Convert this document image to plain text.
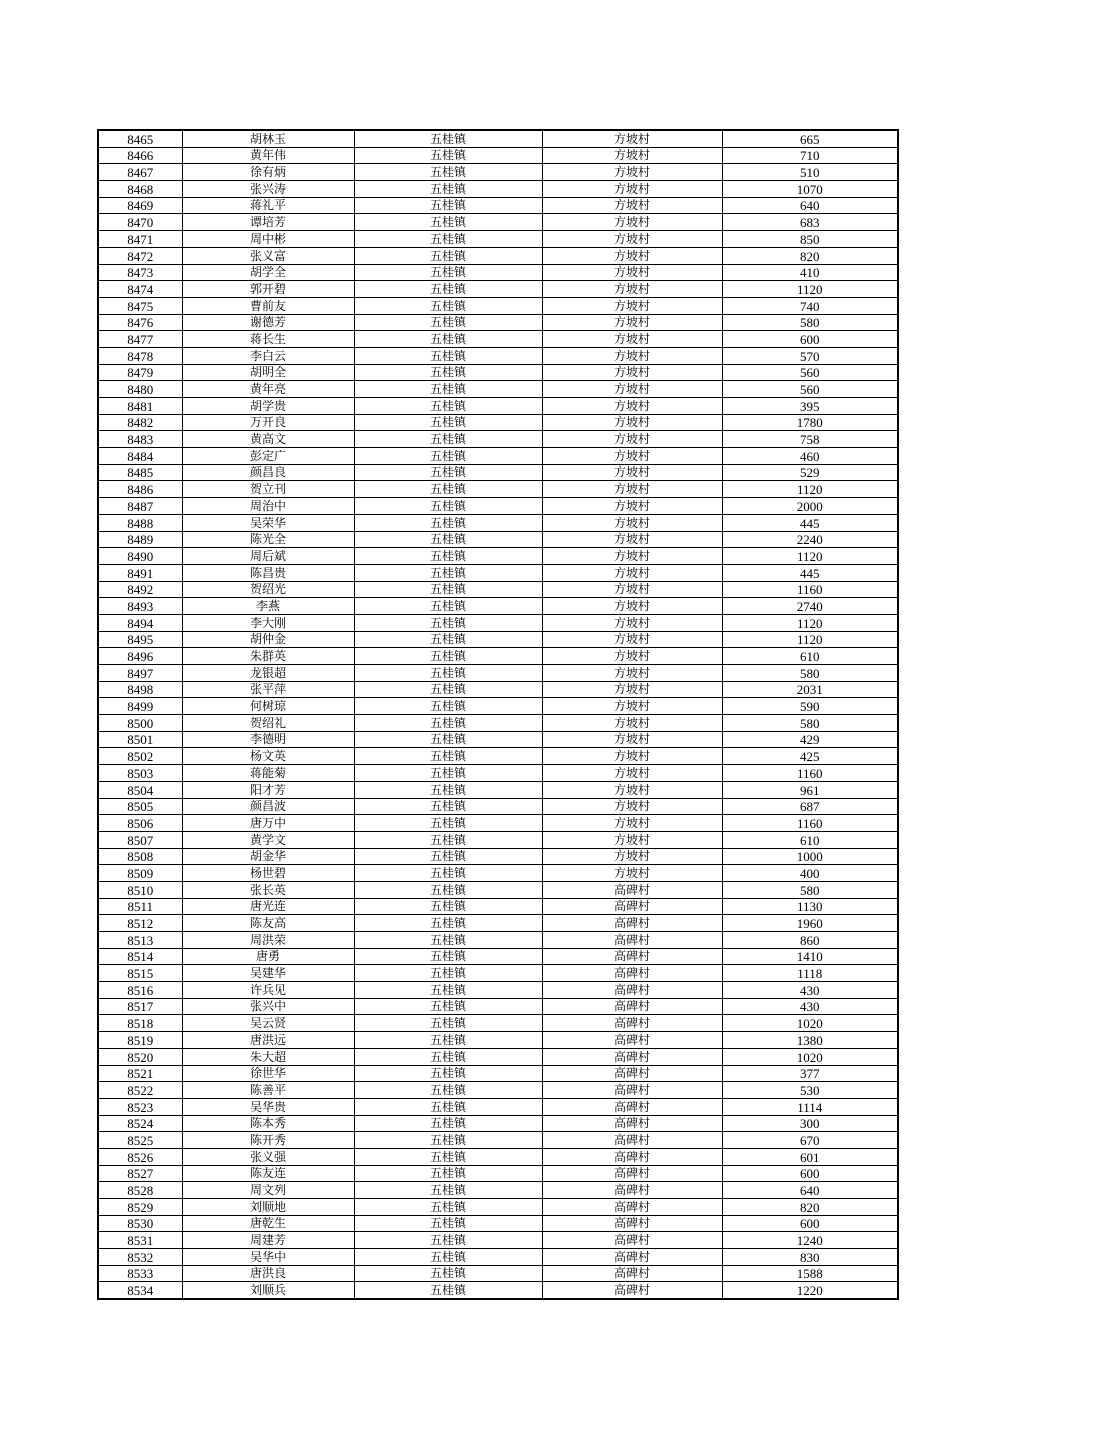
8465	胡林玉	五桂镇	方坡村	665
8466	黄年伟	五桂镇	方坡村	710
8467	徐有炳	五桂镇	方坡村	510
8468	张兴涛	五桂镇	方坡村	1070
8469	蒋礼平	五桂镇	方坡村	640
8470	谭培芳	五桂镇	方坡村	683
8471	周中彬	五桂镇	方坡村	850
8472	张义富	五桂镇	方坡村	820
8473	胡学全	五桂镇	方坡村	410
8474	郭开碧	五桂镇	方坡村	1120
8475	曹前友	五桂镇	方坡村	740
8476	谢德芳	五桂镇	方坡村	580
8477	蒋长生	五桂镇	方坡村	600
8478	李白云	五桂镇	方坡村	570
8479	胡明全	五桂镇	方坡村	560
8480	黄年亮	五桂镇	方坡村	560
8481	胡学贵	五桂镇	方坡村	395
8482	万开良	五桂镇	方坡村	1780
8483	黄高文	五桂镇	方坡村	758
8484	彭定广	五桂镇	方坡村	460
8485	颜昌良	五桂镇	方坡村	529
8486	贺立刊	五桂镇	方坡村	1120
8487	周治中	五桂镇	方坡村	2000
8488	吴荣华	五桂镇	方坡村	445
8489	陈光全	五桂镇	方坡村	2240
8490	周后斌	五桂镇	方坡村	1120
8491	陈昌贵	五桂镇	方坡村	445
8492	贺绍光	五桂镇	方坡村	1160
8493	李燕	五桂镇	方坡村	2740
8494	李大刚	五桂镇	方坡村	1120
8495	胡仲金	五桂镇	方坡村	1120
8496	朱群英	五桂镇	方坡村	610
8497	龙银超	五桂镇	方坡村	580
8498	张平萍	五桂镇	方坡村	2031
8499	何树琼	五桂镇	方坡村	590
8500	贺绍礼	五桂镇	方坡村	580
8501	李德明	五桂镇	方坡村	429
8502	杨文英	五桂镇	方坡村	425
8503	蒋能菊	五桂镇	方坡村	1160
8504	阳才芳	五桂镇	方坡村	961
8505	颜昌波	五桂镇	方坡村	687
8506	唐万中	五桂镇	方坡村	1160
8507	黄学文	五桂镇	方坡村	610
8508	胡金华	五桂镇	方坡村	1000
8509	杨世碧	五桂镇	方坡村	400
8510	张长英	五桂镇	高碑村	580
8511	唐光连	五桂镇	高碑村	1130
8512	陈友高	五桂镇	高碑村	1960
8513	周洪荣	五桂镇	高碑村	860
8514	唐勇	五桂镇	高碑村	1410
8515	吴建华	五桂镇	高碑村	1118
8516	许兵见	五桂镇	高碑村	430
8517	张兴中	五桂镇	高碑村	430
8518	吴云贤	五桂镇	高碑村	1020
8519	唐洪远	五桂镇	高碑村	1380
8520	朱大超	五桂镇	高碑村	1020
8521	徐世华	五桂镇	高碑村	377
8522	陈善平	五桂镇	高碑村	530
8523	吴华贵	五桂镇	高碑村	1114
8524	陈本秀	五桂镇	高碑村	300
8525	陈开秀	五桂镇	高碑村	670
8526	张义强	五桂镇	高碑村	601
8527	陈友连	五桂镇	高碑村	600
8528	周文列	五桂镇	高碑村	640
8529	刘顺地	五桂镇	高碑村	820
8530	唐乾生	五桂镇	高碑村	600
8531	周建芳	五桂镇	高碑村	1240
8532	吴华中	五桂镇	高碑村	830
8533	唐洪良	五桂镇	高碑村	1588
8534	刘顺兵	五桂镇	高碑村	1220
